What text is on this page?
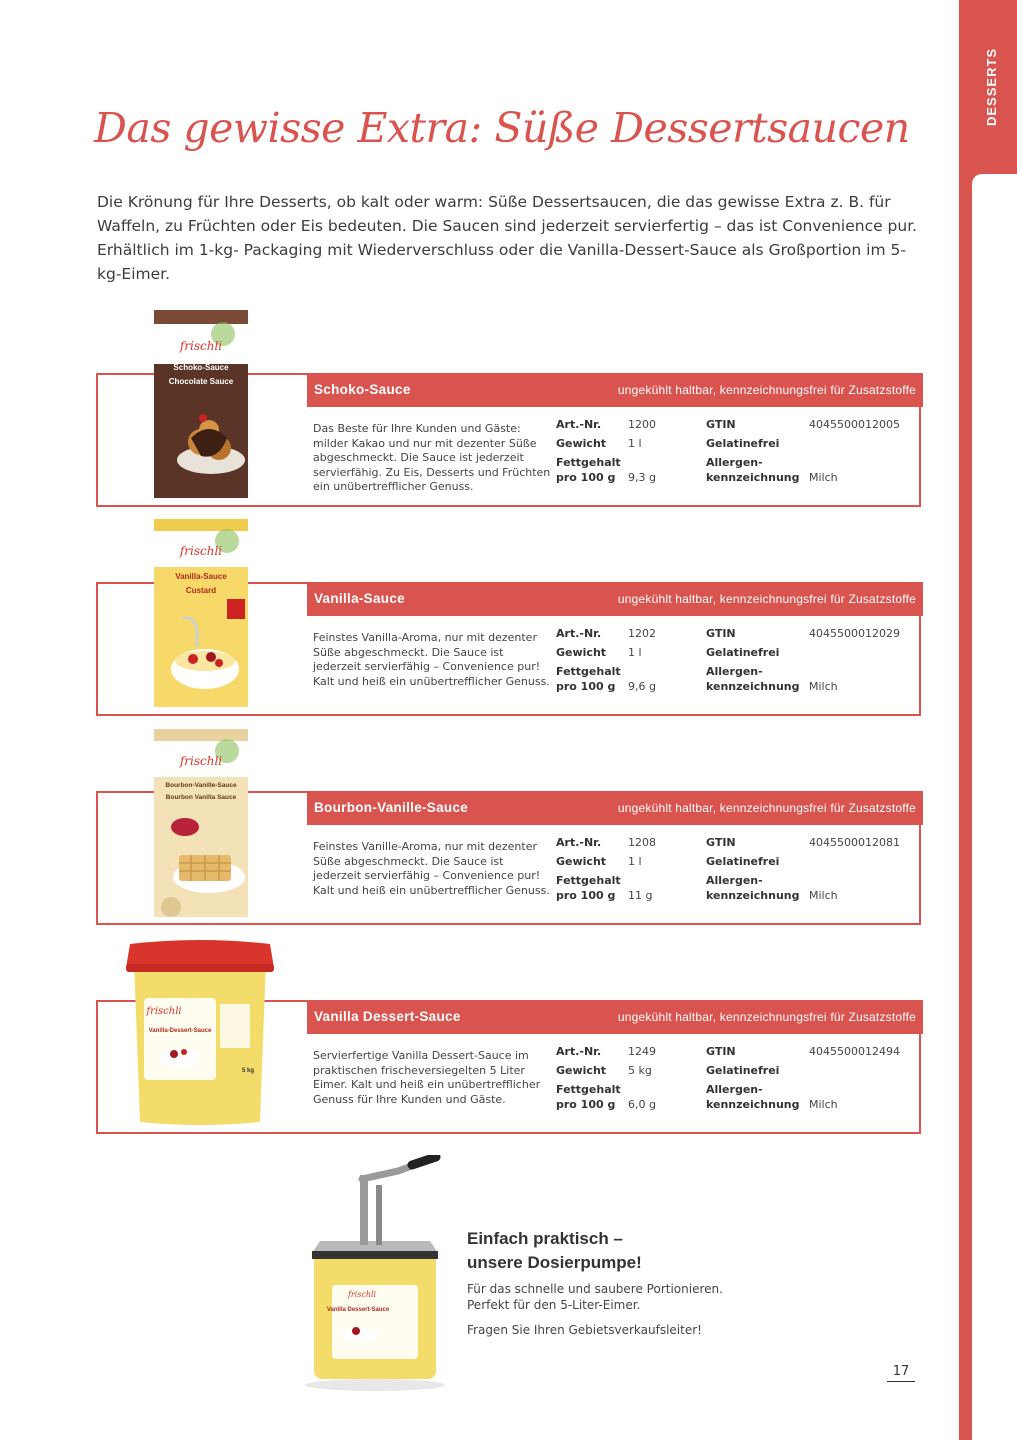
DESSERTS
Das gewisse Extra: Süße Dessertsaucen

Die Krönung für Ihre Desserts, ob kalt oder warm: Süße Dessertsaucen, die das gewisse Extra z. B. für Waffeln, zu Früchten oder Eis bedeuten. Die Saucen sind jederzeit servierfertig – das ist Convenience pur. Erhältlich im 1-kg- Packaging mit Wiederverschluss oder die Vanilla-Dessert-Sauce als Großportion im 5-kg-Eimer.

Schoko-Sauce	ungekühlt haltbar, kennzeichnungsfrei für Zusatzstoffe

Das Beste für Ihre Kunden und Gäste: milder Kakao und nur mit dezenter Süße abgeschmeckt. Die Sauce ist jederzeit servierfähig. Zu Eis, Desserts und Früchten ein unübertrefflicher Genuss.

Art.-Nr. 1200	GTIN	4045500012005
Gewicht 1 l	Gelatinefrei
Fettgehalt	Allergen-
pro 100 g 9,3 g	kennzeichnung Milch
Vanilla-Sauce	ungekühlt haltbar, kennzeichnungsfrei für Zusatzstoffe

Feinstes Vanilla-Aroma, nur mit dezenter Süße abgeschmeckt. Die Sauce ist jederzeit servierfähig – Convenience pur! Kalt und heiß ein unübertrefflicher Genuss.

Art.-Nr. 1202	GTIN	4045500012029
Gewicht 1 l	Gelatinefrei
Fettgehalt	Allergen-
pro 100 g 9,6 g	kennzeichnung Milch
Bourbon-Vanille-Sauce	ungekühlt haltbar, kennzeichnungsfrei für Zusatzstoffe

Feinstes Vanille-Aroma, nur mit dezenter Süße abgeschmeckt. Die Sauce ist jederzeit servierfähig – Convenience pur! Kalt und heiß ein unübertrefflicher Genuss.

Art.-Nr. 1208	GTIN	4045500012081
Gewicht 1 l	Gelatinefrei
Fettgehalt	Allergen-
pro 100 g 11 g	kennzeichnung Milch
Vanilla Dessert-Sauce	ungekühlt haltbar, kennzeichnungsfrei für Zusatzstoffe

Servierfertige Vanilla Dessert-Sauce im praktischen frischeversiegelten 5 Liter Eimer. Kalt und heiß ein unübertrefflicher Genuss für Ihre Kunden und Gäste.

Art.-Nr. 1249	GTIN	4045500012494
Gewicht 5 kg	Gelatinefrei
Fettgehalt	Allergen-
pro 100 g 6,0 g	kennzeichnung Milch
frischli
Schoko-Sauce
Chocolate Sauce
frischli
Vanilla-Sauce
Custard
frischli
Bourbon-Vanille-Sauce
Bourbon Vanilla Sauce
frischli
Vanilla-Dessert-Sauce
5 kg
frischli
Vanilla Dessert-Sauce
Einfach praktisch –
unsere Dosierpumpe!
Für das schnelle und saubere Portionieren.
Perfekt für den 5-Liter-Eimer.
Fragen Sie Ihren Gebietsverkaufsleiter!
17
